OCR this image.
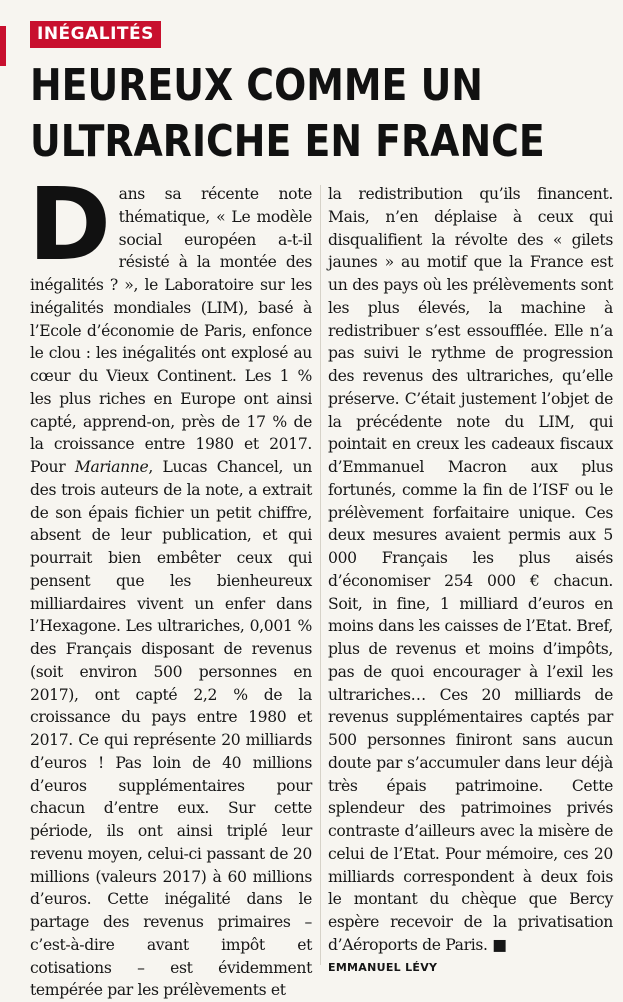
INÉGALITÉS
HEUREUX COMME UN
ULTRARICHE EN FRANCE

Dans sa récente note thématique, « Le modèle social européen a-t-il résisté à la montée des inégalités ? », le Laboratoire sur les inégalités mondiales (LIM), basé à l’Ecole d’économie de Paris, enfonce le clou : les inégalités ont explosé au cœur du Vieux Continent. Les 1 % les plus riches en Europe ont ainsi capté, apprend-on, près de 17 % de la croissance entre 1980 et 2017. Pour Marianne, Lucas Chancel, un des trois auteurs de la note, a extrait de son épais fichier un petit chiffre, absent de leur publication, et qui pourrait bien embêter ceux qui pensent que les bienheureux milliardaires vivent un enfer dans l’Hexagone. Les ultrariches, 0,001 % des Français disposant de revenus (soit environ 500 personnes en 2017), ont capté 2,2 % de la croissance du pays entre 1980 et 2017. Ce qui représente 20 milliards d’euros ! Pas loin de 40 millions d’euros supplémentaires pour chacun d’entre eux. Sur cette période, ils ont ainsi triplé leur revenu moyen, celui-ci passant de 20 millions (valeurs 2017) à 60 millions d’euros. Cette inégalité dans le partage des revenus primaires – c’est-à-dire avant impôt et cotisations – est évidemment tempérée par les prélèvements et

la redistribution qu’ils financent. Mais, n’en déplaise à ceux qui disqualifient la révolte des « gilets jaunes » au motif que la France est un des pays où les prélèvements sont les plus élevés, la machine à redistribuer s’est essoufflée. Elle n’a pas suivi le rythme de progression des revenus des ultrariches, qu’elle préserve. C’était justement l’objet de la précédente note du LIM, qui pointait en creux les cadeaux fiscaux d’Emmanuel Macron aux plus fortunés, comme la fin de l’ISF ou le prélèvement forfaitaire unique. Ces deux mesures avaient permis aux 5 000 Français les plus aisés d’économiser 254 000 € chacun. Soit, in fine, 1 milliard d’euros en moins dans les caisses de l’Etat. Bref, plus de revenus et moins d’impôts, pas de quoi encourager à l’exil les ultrariches… Ces 20 milliards de revenus supplémentaires captés par 500 personnes finiront sans aucun doute par s’accumuler dans leur déjà très épais patrimoine. Cette splendeur des patrimoines privés contraste d’ailleurs avec la misère de celui de l’Etat. Pour mémoire, ces 20 milliards correspondent à deux fois le montant du chèque que Bercy espère recevoir de la privatisation d’Aéroports de Paris. ■

EMMANUEL LÉVY
